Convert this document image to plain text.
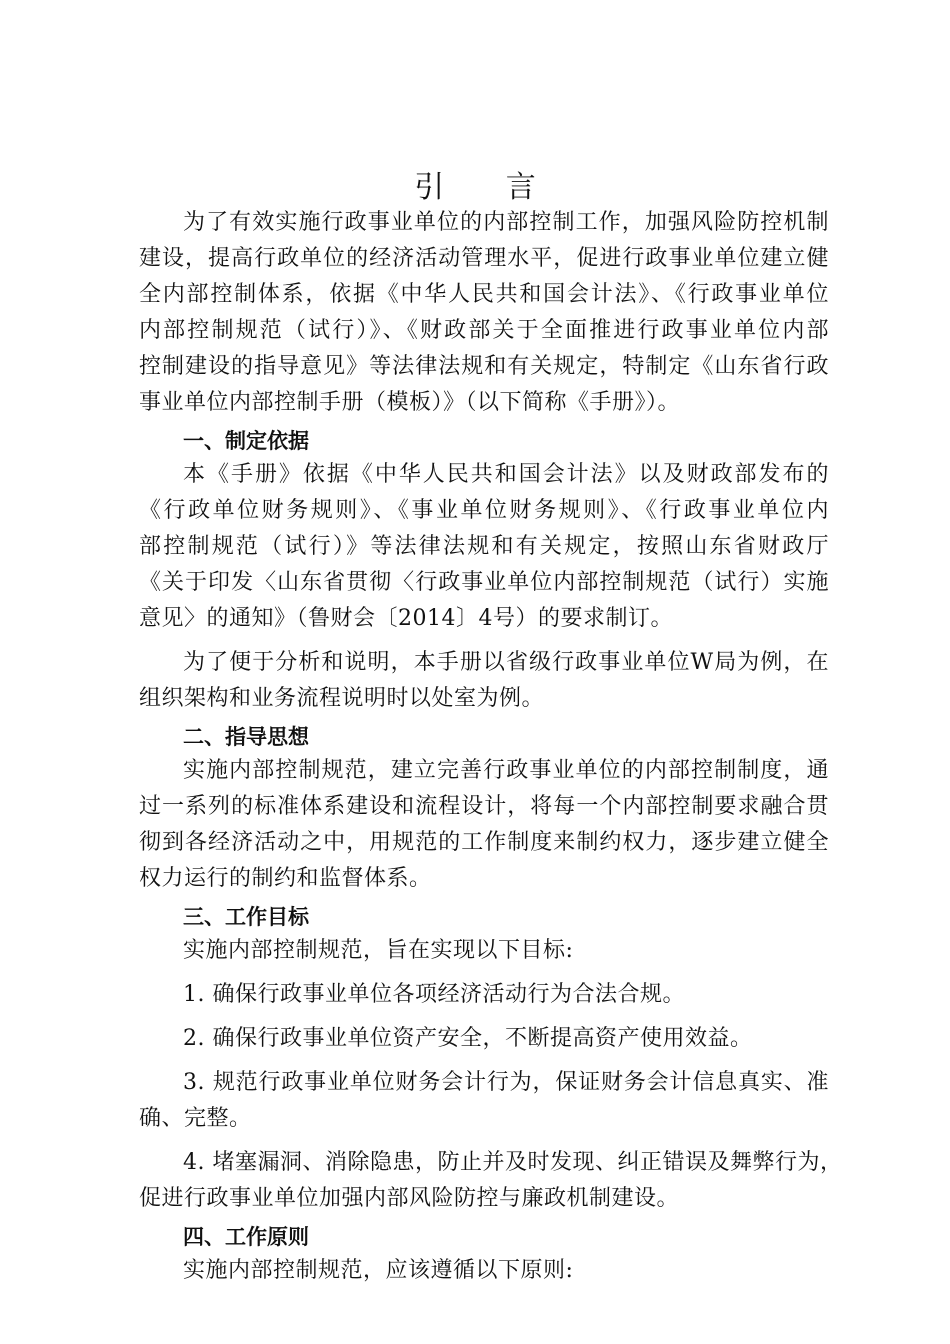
引 言
为了有效实施行政事业单位的内部控制工作，加强风险防控机制
建设，提高行政单位的经济活动管理水平，促进行政事业单位建立健
全内部控制体系，依据《中华人民共和国会计法》、《行政事业单位
内部控制规范（试行）》、《财政部关于全面推进行政事业单位内部
控制建设的指导意见》等法律法规和有关规定，特制定《山东省行政
事业单位内部控制手册（模板）》（以下简称《手册》）。
一、制定依据
本《手册》依据《中华人民共和国会计法》以及财政部发布的
《行政单位财务规则》、《事业单位财务规则》、《行政事业单位内
部控制规范（试行）》等法律法规和有关规定，按照山东省财政厅
《关于印发〈山东省贯彻〈行政事业单位内部控制规范（试行）实施
意见〉的通知》（鲁财会〔2014〕4号）的要求制订。
为了便于分析和说明，本手册以省级行政事业单位W局为例，在
组织架构和业务流程说明时以处室为例。
二、指导思想
实施内部控制规范，建立完善行政事业单位的内部控制制度，通
过一系列的标准体系建设和流程设计，将每一个内部控制要求融合贯
彻到各经济活动之中，用规范的工作制度来制约权力，逐步建立健全
权力运行的制约和监督体系。
三、工作目标
实施内部控制规范，旨在实现以下目标:
1. 确保行政事业单位各项经济活动行为合法合规。
2. 确保行政事业单位资产安全，不断提高资产使用效益。
3. 规范行政事业单位财务会计行为，保证财务会计信息真实、准
确、完整。
4. 堵塞漏洞、消除隐患，防止并及时发现、纠正错误及舞弊行为，
促进行政事业单位加强内部风险防控与廉政机制建设。
四、工作原则
实施内部控制规范，应该遵循以下原则:
